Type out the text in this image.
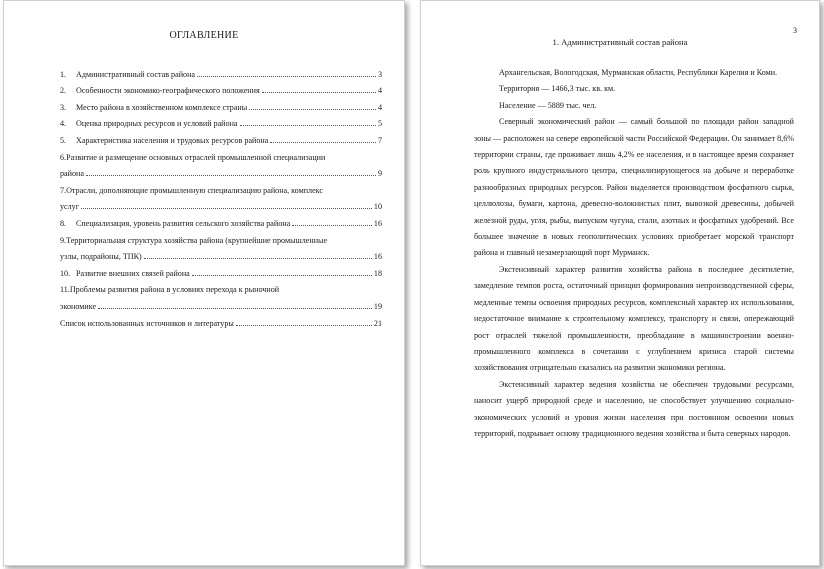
ОГЛАВЛЕНИЕ
1. Административный состав района	3
2. Особенности экономико-географического положения	4
3. Место района в хозяйственном комплексе страны	4
4. Оценка природных ресурсов и условий района	5
5. Характеристика населения и трудовых ресурсов района	7
6.Развитие и размещение основных отраслей промышленной специализации
района	9
7.Отрасли, дополняющие промышленную специализацию района, комплекс
услуг	10
8. Специализация, уровень развития сельского хозяйства района	16
9.Территориальная структура хозяйства района (крупнейшие промышленные
узлы, подрайоны, ТПК)	16
10. Развитие внешних связей района	18
11.Проблемы развития района в условиях перехода к рыночной
экономике	19
Список использованных источников и литературы	21
3
1. Административный состав района

Архангельская, Вологодская, Мурманская области, Республики Карелия и Коми.

Территория — 1466,3 тыс. кв. км.

Население — 5889 тыс. чел.

Северный экономический район — самый большой по площади район западной зоны — расположен на севере европейской части Российской Федерации. Он занимает 8,6% территории страны, где проживает лишь 4,2% ее населения, и в настоящее время сохраняет роль крупного индустриального центра, специализирующегося на добыче и переработке разнообразных природных ресурсов. Район выделяется производством фосфатного сырья, целлюлозы, бумаги, картона, древесно-волокнистых плит, вывозкой древесины, добычей железной руды, угля, рыбы, выпуском чугуна, стали, азотных и фосфатных удобрений. Все большее значение в новых геополитических условиях приобретает морской транспорт района и главный незамерзающий порт Мурманск.

Экстенсивный характер развития хозяйства района в последнее десятилетие, замедление темпов роста, остаточный принцип формирования непроизводственной сферы, медленные темпы освоения природных ресурсов, комплексный характер их использования, недостаточное внимание к строительному комплексу, транспорту и связи, опережающий рост отраслей тяжелой промышленности, преобладание в машиностроении военно-промышленного комплекса в сочетании с углублением кризиса старой системы хозяйствования отрицательно сказались на развитии экономики региона.

Экстенсивный характер ведения хозяйства не обеспечен трудовыми ресурсами, наносит ущерб природной среде и населению, не способствует улучшению социально-экономических условий и уровня жизни населения при постоянном освоении новых территорий, подрывает основу традиционного ведения хозяйства и быта северных народов.
